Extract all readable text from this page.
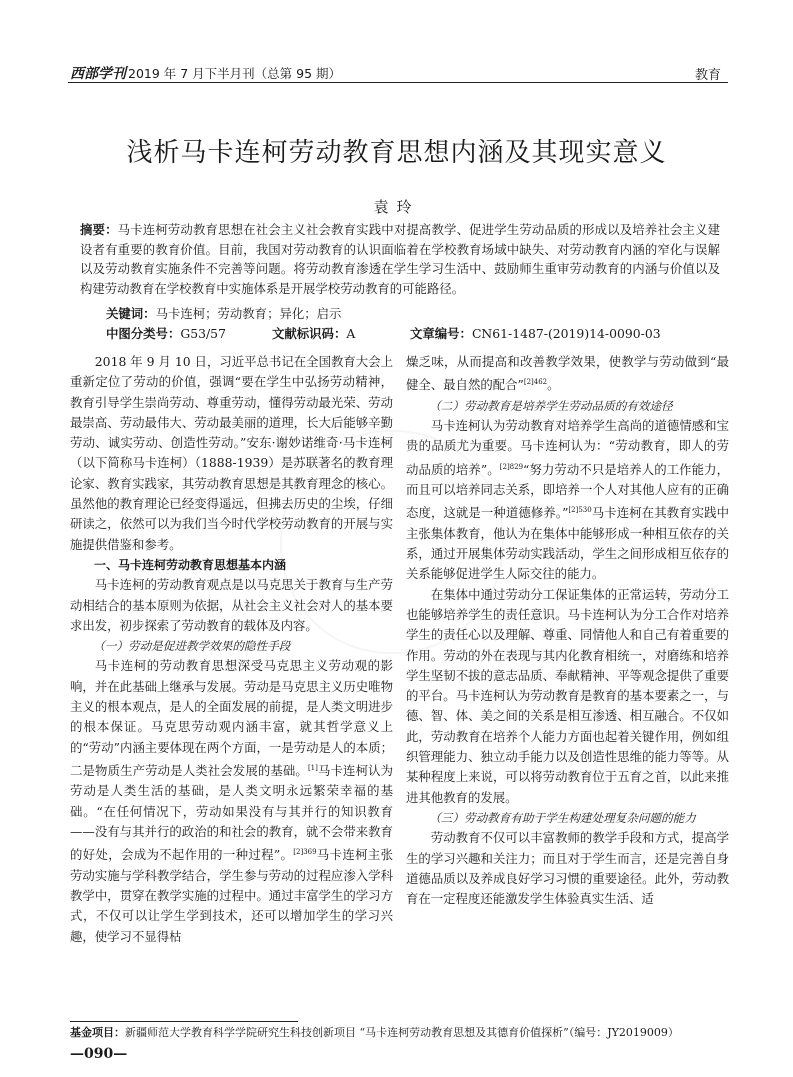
西部学刊 2019 年 7 月下半月刊（总第 95 期）	教育
浅析马卡连柯劳动教育思想内涵及其现实意义
袁玲
摘要：马卡连柯劳动教育思想在社会主义社会教育实践中对提高教学、促进学生劳动品质的形成以及培养社会主义建设者有重要的教育价值。目前，我国对劳动教育的认识面临着在学校教育场域中缺失、对劳动教育内涵的窄化与误解以及劳动教育实施条件不完善等问题。将劳动教育渗透在学生学习生活中、鼓励师生重审劳动教育的内涵与价值以及构建劳动教育在学校教育中实施体系是开展学校劳动教育的可能路径。
关键词：马卡连柯；劳动教育；异化；启示
中图分类号：G53/57	文献标识码：A	文章编号：CN61-1487-(2019)14-0090-03

2018 年 9 月 10 日，习近平总书记在全国教育大会上重新定位了劳动的价值，强调“要在学生中弘扬劳动精神，教育引导学生崇尚劳动、尊重劳动，懂得劳动最光荣、劳动最崇高、劳动最伟大、劳动最美丽的道理，长大后能够辛勤劳动、诚实劳动、创造性劳动。”安东·谢妙诺维奇·马卡连柯（以下简称马卡连柯）（1888-1939）是苏联著名的教育理论家、教育实践家，其劳动教育思想是其教育理念的核心。虽然他的教育理论已经变得遥远，但拂去历史的尘埃，仔细研读之，依然可以为我们当今时代学校劳动教育的开展与实施提供借鉴和参考。

一、马卡连柯劳动教育思想基本内涵

马卡连柯的劳动教育观点是以马克思关于教育与生产劳动相结合的基本原则为依据，从社会主义社会对人的基本要求出发，初步探索了劳动教育的载体及内容。

（一）劳动是促进教学效果的隐性手段

马卡连柯的劳动教育思想深受马克思主义劳动观的影响，并在此基础上继承与发展。劳动是马克思主义历史唯物主义的根本观点，是人的全面发展的前提，是人类文明进步的根本保证。马克思劳动观内涵丰富，就其哲学意义上的“劳动”内涵主要体现在两个方面，一是劳动是人的本质；二是物质生产劳动是人类社会发展的基础。[1]马卡连柯认为劳动是人类生活的基础，是人类文明永远繁荣幸福的基础。“在任何情况下，劳动如果没有与其并行的知识教育——没有与其并行的政治的和社会的教育，就不会带来教育的好处，会成为不起作用的一种过程”。$^{[2]369}$马卡连柯主张劳动实施与学科教学结合，学生参与劳动的过程应渗入学科教学中，贯穿在教学实施的过程中。通过丰富学生的学习方式，不仅可以让学生学到技术，还可以增加学生的学习兴趣，使学习不显得枯

燥乏味，从而提高和改善教学效果，使教学与劳动做到“最健全、最自然的配合”$^{[2]462}$。

（二）劳动教育是培养学生劳动品质的有效途径

马卡连柯认为劳动教育对培养学生高尚的道德情感和宝贵的品质尤为重要。马卡连柯认为：“劳动教育，即人的劳动品质的培养”。$^{[2]829}$“努力劳动不只是培养人的工作能力，而且可以培养同志关系，即培养一个人对其他人应有的正确态度，这就是一种道德修养。”$^{[2]530}$马卡连柯在其教育实践中主张集体教育，他认为在集体中能够形成一种相互依存的关系，通过开展集体劳动实践活动，学生之间形成相互依存的关系能够促进学生人际交往的能力。

在集体中通过劳动分工保证集体的正常运转，劳动分工也能够培养学生的责任意识。马卡连柯认为分工合作对培养学生的责任心以及理解、尊重、同情他人和自己有着重要的作用。劳动的外在表现与其内化教育相统一，对磨练和培养学生坚韧不拔的意志品质、奉献精神、平等观念提供了重要的平台。马卡连柯认为劳动教育是教育的基本要素之一，与德、智、体、美之间的关系是相互渗透、相互融合。不仅如此，劳动教育在培养个人能力方面也起着关键作用，例如组织管理能力、独立动手能力以及创造性思维的能力等等。从某种程度上来说，可以将劳动教育位于五育之首，以此来推进其他教育的发展。

（三）劳动教育有助于学生构建处理复杂问题的能力

劳动教育不仅可以丰富教师的教学手段和方式，提高学生的学习兴趣和关注力；而且对于学生而言，还是完善自身道德品质以及养成良好学习习惯的重要途径。此外，劳动教育在一定程度还能激发学生体验真实生活、适

基金项目：新疆师范大学教育科学学院研究生科技创新项目 “马卡连柯劳动教育思想及其德育价值探析”（编号：JY2019009）
—090—
